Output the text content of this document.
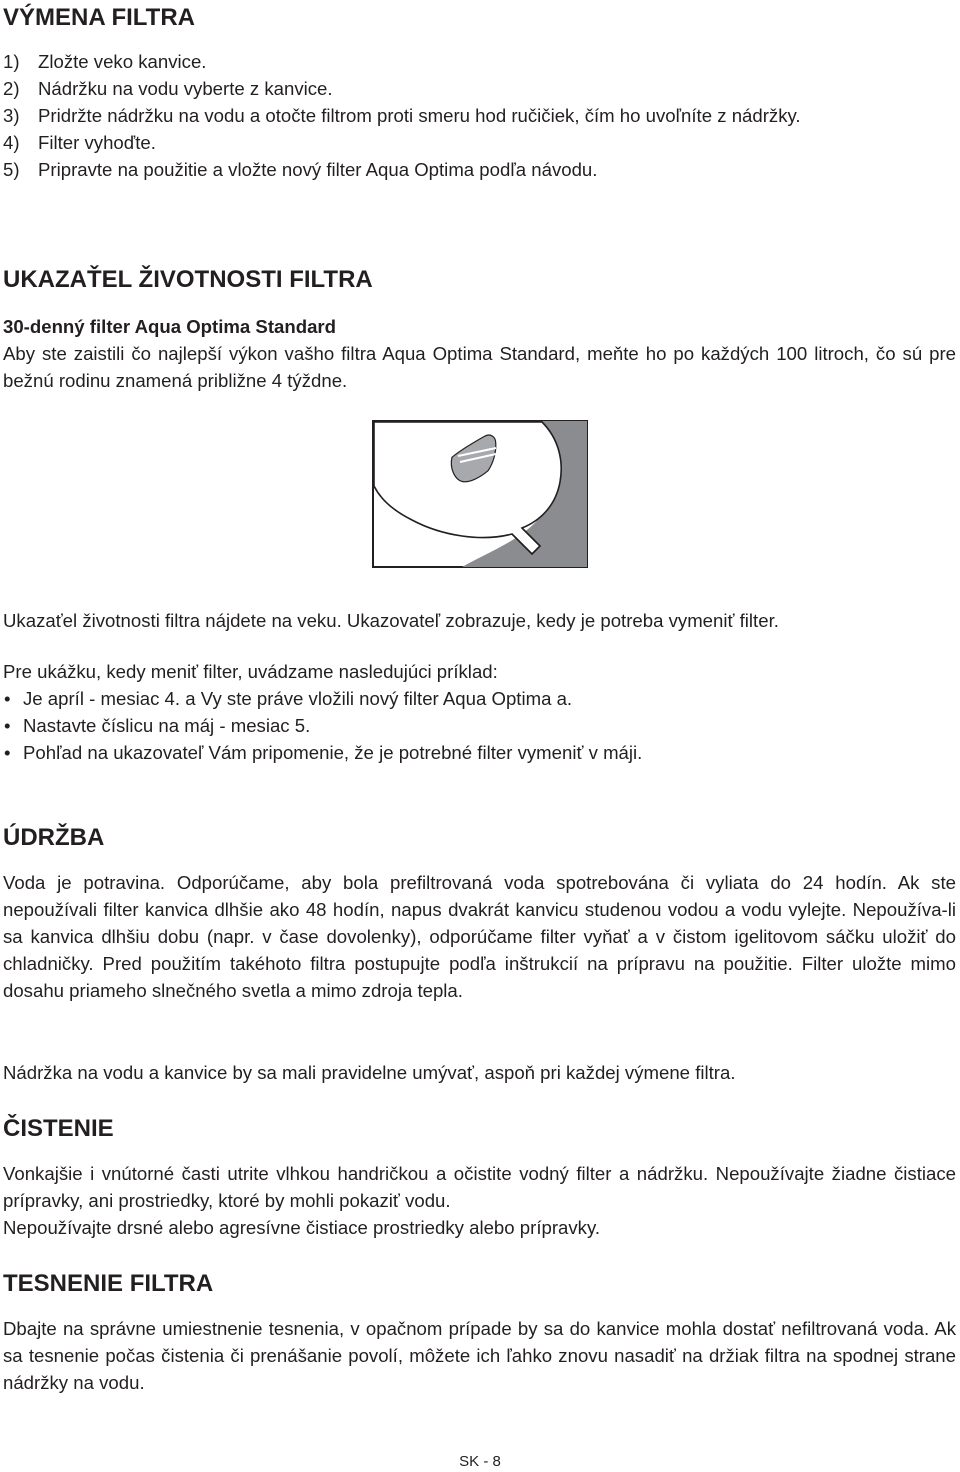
VÝMENA FILTRA
1) Zložte veko kanvice.
2) Nádržku na vodu vyberte z kanvice.
3) Pridržte nádržku na vodu a otočte filtrom proti smeru hod ručičiek, čím ho uvoľníte z nádržky.
4) Filter vyhoďte.
5) Pripravte na použitie a vložte nový filter Aqua Optima podľa návodu.
UKAZAŤEL ŽIVOTNOSTI FILTRA

30-denný filter Aqua Optima Standard

Aby ste zaistili čo najlepší výkon vašho filtra Aqua Optima Standard, meňte ho po každých 100 litroch, čo sú pre bežnú rodinu znamená približne 4 týždne.

Ukazaťel životnosti filtra nájdete na veku. Ukazovateľ zobrazuje, kedy je potreba vymeniť filter.

Pre ukážku, kedy meniť filter, uvádzame nasledujúci príklad:

• Je apríl - mesiac 4. a Vy ste práve vložili nový filter Aqua Optima a.
• Nastavte číslicu na máj - mesiac 5.
• Pohľad na ukazovateľ Vám pripomenie, že je potrebné filter vymeniť v máji.
ÚDRŽBA

Voda je potravina. Odporúčame, aby bola prefiltrovaná voda spotrebována či vyliata do 24 hodín. Ak ste nepoužívali filter kanvica dlhšie ako 48 hodín, napus dvakrát kanvicu studenou vodou a vodu vylejte. Nepoužíva-li sa kanvica dlhšiu dobu (napr. v čase dovolenky), odporúčame filter vyňať a v čistom igelitovom sáčku uložiť do chladničky. Pred použitím takéhoto filtra postupujte podľa inštrukcií na prípravu na použitie. Filter uložte mimo dosahu priameho slnečného svetla a mimo zdroja tepla.

Nádržka na vodu a kanvice by sa mali pravidelne umývať, aspoň pri každej výmene filtra.

ČISTENIE

Vonkajšie i vnútorné časti utrite vlhkou handričkou a očistite vodný filter a nádržku. Nepoužívajte žiadne čistiace prípravky, ani prostriedky, ktoré by mohli pokaziť vodu.

Nepoužívajte drsné alebo agresívne čistiace prostriedky alebo prípravky.

TESNENIE FILTRA

Dbajte na správne umiestnenie tesnenia, v opačnom prípade by sa do kanvice mohla dostať nefiltrovaná voda. Ak sa tesnenie počas čistenia či prenášanie povolí, môžete ich ľahko znovu nasadiť na držiak filtra na spodnej strane nádržky na vodu.

SK - 8
